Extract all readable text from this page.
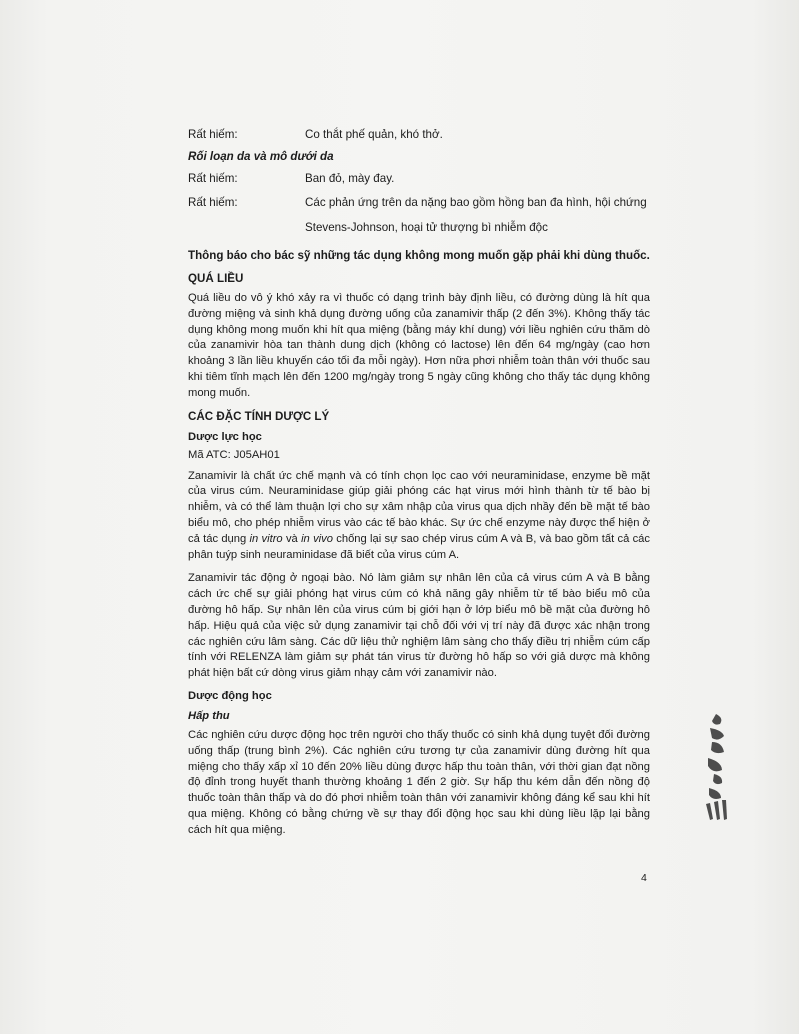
Rất hiếm:	Co thắt phế quản, khó thở.
Rối loạn da và mô dưới da
Rất hiếm:	Ban đỏ, mày đay.
Rất hiếm:	Các phản ứng trên da nặng bao gồm hồng ban đa hình, hội chứng
Stevens-Johnson, hoại tử thượng bì nhiễm độc
Thông báo cho bác sỹ những tác dụng không mong muốn gặp phải khi dùng thuốc.
QUÁ LIỀU

Quá liều do vô ý khó xảy ra vì thuốc có dạng trình bày định liều, có đường dùng là hít qua đường miệng và sinh khả dụng đường uống của zanamivir thấp (2 đến 3%). Không thấy tác dụng không mong muốn khi hít qua miệng (bằng máy khí dung) với liều nghiên cứu thăm dò của zanamivir hòa tan thành dung dịch (không có lactose) lên đến 64 mg/ngày (cao hơn khoảng 3 lần liều khuyến cáo tối đa mỗi ngày). Hơn nữa phơi nhiễm toàn thân với thuốc sau khi tiêm tĩnh mạch lên đến 1200 mg/ngày trong 5 ngày cũng không cho thấy tác dụng không mong muốn.

CÁC ĐẶC TÍNH DƯỢC LÝ
Dược lực học
Mã ATC: J05AH01

Zanamivir là chất ức chế mạnh và có tính chọn lọc cao với neuraminidase, enzyme bề mặt của virus cúm. Neuraminidase giúp giải phóng các hạt virus mới hình thành từ tế bào bị nhiễm, và có thể làm thuận lợi cho sự xâm nhập của virus qua dịch nhầy đến bề mặt tế bào biểu mô, cho phép nhiễm virus vào các tế bào khác. Sự ức chế enzyme này được thể hiện ở cả tác dụng in vitro và in vivo chống lại sự sao chép virus cúm A và B, và bao gồm tất cả các phân tuýp sinh neuraminidase đã biết của virus cúm A.

Zanamivir tác động ở ngoại bào. Nó làm giảm sự nhân lên của cả virus cúm A và B bằng cách ức chế sự giải phóng hạt virus cúm có khả năng gây nhiễm từ tế bào biểu mô của đường hô hấp. Sự nhân lên của virus cúm bị giới hạn ở lớp biểu mô bề mặt của đường hô hấp. Hiệu quả của việc sử dụng zanamivir tại chỗ đối với vị trí này đã được xác nhận trong các nghiên cứu lâm sàng. Các dữ liệu thử nghiệm lâm sàng cho thấy điều trị nhiễm cúm cấp tính với RELENZA làm giảm sự phát tán virus từ đường hô hấp so với giả dược mà không phát hiện bất cứ dòng virus giảm nhạy cảm với zanamivir nào.

Dược động học
Hấp thu

Các nghiên cứu dược động học trên người cho thấy thuốc có sinh khả dụng tuyệt đối đường uống thấp (trung bình 2%). Các nghiên cứu tương tự của zanamivir dùng đường hít qua miệng cho thấy xấp xỉ 10 đến 20% liều dùng được hấp thu toàn thân, với thời gian đạt nồng độ đỉnh trong huyết thanh thường khoảng 1 đến 2 giờ. Sự hấp thu kém dẫn đến nồng độ thuốc toàn thân thấp và do đó phơi nhiễm toàn thân với zanamivir không đáng kể sau khi hít qua miệng. Không có bằng chứng về sự thay đổi động học sau khi dùng liều lặp lại bằng cách hít qua miệng.

4
